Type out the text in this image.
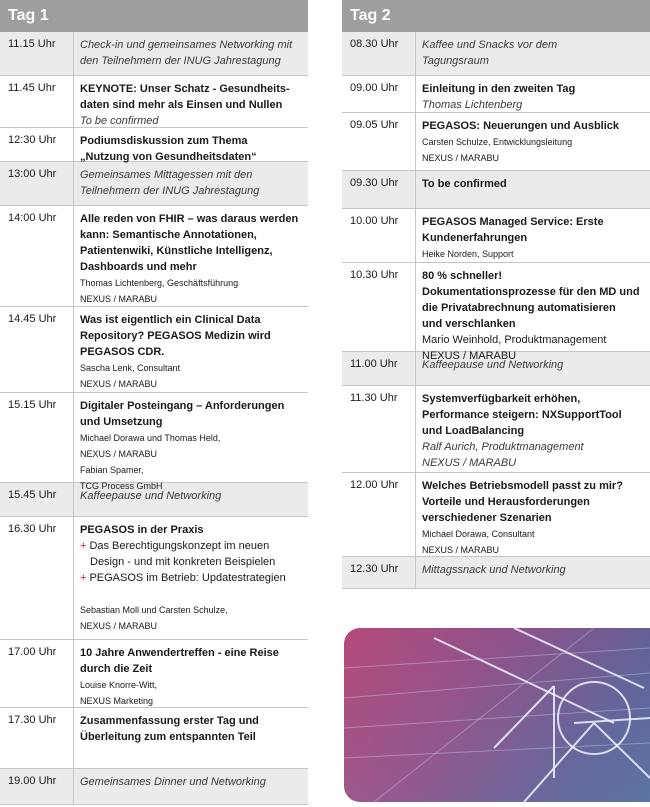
Tag 1
11.15 Uhr	Check-in und gemeinsames Networking mit
den Teilnehmern der INUG Jahrestagung
11.45 Uhr	KEYNOTE: Unser Schatz - Gesundheits-
daten sind mehr als Einsen und Nullen
To be confirmed
12:30 Uhr	Podiumsdiskussion zum Thema
„Nutzung von Gesundheitsdaten“
13:00 Uhr	Gemeinsames Mittagessen mit den
Teilnehmern der INUG Jahrestagung
14:00 Uhr	Alle reden von FHIR – was daraus werden
kann: Semantische Annotationen,
Patientenwiki, Künstliche Intelligenz,
Dashboards und mehr
Thomas Lichtenberg, Geschäftsführung
NEXUS / MARABU
14.45 Uhr	Was ist eigentlich ein Clinical Data
Repository? PEGASOS Medizin wird
PEGASOS CDR.
Sascha Lenk, Consultant
NEXUS / MARABU
15.15 Uhr	Digitaler Posteingang – Anforderungen
und Umsetzung
Michael Dorawa und Thomas Held,
NEXUS / MARABU
Fabian Spamer,
TCG Process GmbH
15.45 Uhr	Kaffeepause und Networking
16.30 Uhr	PEGASOS in der Praxis
+ Das Berechtigungskonzept im neuen
Design - und mit konkreten Beispielen
+ PEGASOS im Betrieb: Updatestrategien
Sebastian Moll und Carsten Schulze,
NEXUS / MARABU
17.00 Uhr	10 Jahre Anwendertreffen - eine Reise
durch die Zeit
Louise Knorre-Witt,
NEXUS Marketing
17.30 Uhr	Zusammenfassung erster Tag und
Überleitung zum entspannten Teil
19.00 Uhr	Gemeinsames Dinner und Networking
Tag 2
08.30 Uhr	Kaffee und Snacks vor dem
Tagungsraum
09.00 Uhr	Einleitung in den zweiten Tag
Thomas Lichtenberg
09.05 Uhr	PEGASOS: Neuerungen und Ausblick
Carsten Schulze, Entwicklungsleitung
NEXUS / MARABU
09.30 Uhr	To be confirmed
10.00 Uhr	PEGASOS Managed Service: Erste
Kundenerfahrungen
Heike Norden, Support
10.30 Uhr	80 % schneller!
Dokumentationsprozesse für den MD und
die Privatabrechnung automatisieren
und verschlanken
Mario Weinhold, Produktmanagement
NEXUS / MARABU
11.00 Uhr	Kaffeepause und Networking
11.30 Uhr	Systemverfügbarkeit erhöhen,
Performance steigern: NXSupportTool
und LoadBalancing
Ralf Aurich, Produktmanagement
NEXUS / MARABU
12.00 Uhr	Welches Betriebsmodell passt zu mir?
Vorteile und Herausforderungen
verschiedener Szenarien
Michael Dorawa, Consultant
NEXUS / MARABU
12.30 Uhr	Mittagssnack und Networking
